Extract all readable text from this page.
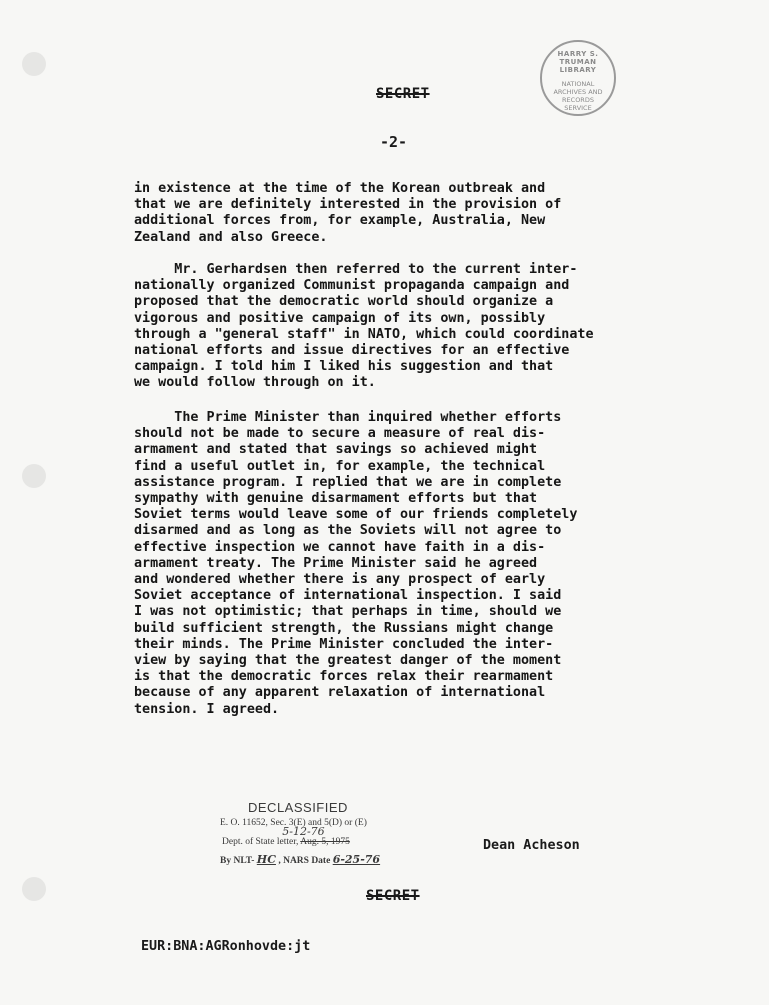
HARRY S. TRUMAN LIBRARY
NATIONAL
ARCHIVES AND
RECORDS
SERVICE
SECRET
-2-
in existence at the time of the Korean outbreak and
that we are definitely interested in the provision of
additional forces from, for example, Australia, New
Zealand and also Greece.
Mr. Gerhardsen then referred to the current inter-
nationally organized Communist propaganda campaign and
proposed that the democratic world should organize a
vigorous and positive campaign of its own, possibly
through a "general staff" in NATO, which could coordinate
national efforts and issue directives for an effective
campaign. I told him I liked his suggestion and that
we would follow through on it.
The Prime Minister than inquired whether efforts
should not be made to secure a measure of real dis-
armament and stated that savings so achieved might
find a useful outlet in, for example, the technical
assistance program. I replied that we are in complete
sympathy with genuine disarmament efforts but that
Soviet terms would leave some of our friends completely
disarmed and as long as the Soviets will not agree to
effective inspection we cannot have faith in a dis-
armament treaty. The Prime Minister said he agreed
and wondered whether there is any prospect of early
Soviet acceptance of international inspection. I said
I was not optimistic; that perhaps in time, should we
build sufficient strength, the Russians might change
their minds. The Prime Minister concluded the inter-
view by saying that the greatest danger of the moment
is that the democratic forces relax their rearmament
because of any apparent relaxation of international
tension. I agreed.
DECLASSIFIED
E. O. 11652, Sec. 3(E) and 5(D) or (E)
Dept. of State letter, Aug. 5, 1975 5-12-76
By NLT- HC , NARS Date 6-25-76
Dean Acheson
SECRET
EUR:BNA:AGRonhovde:jt
